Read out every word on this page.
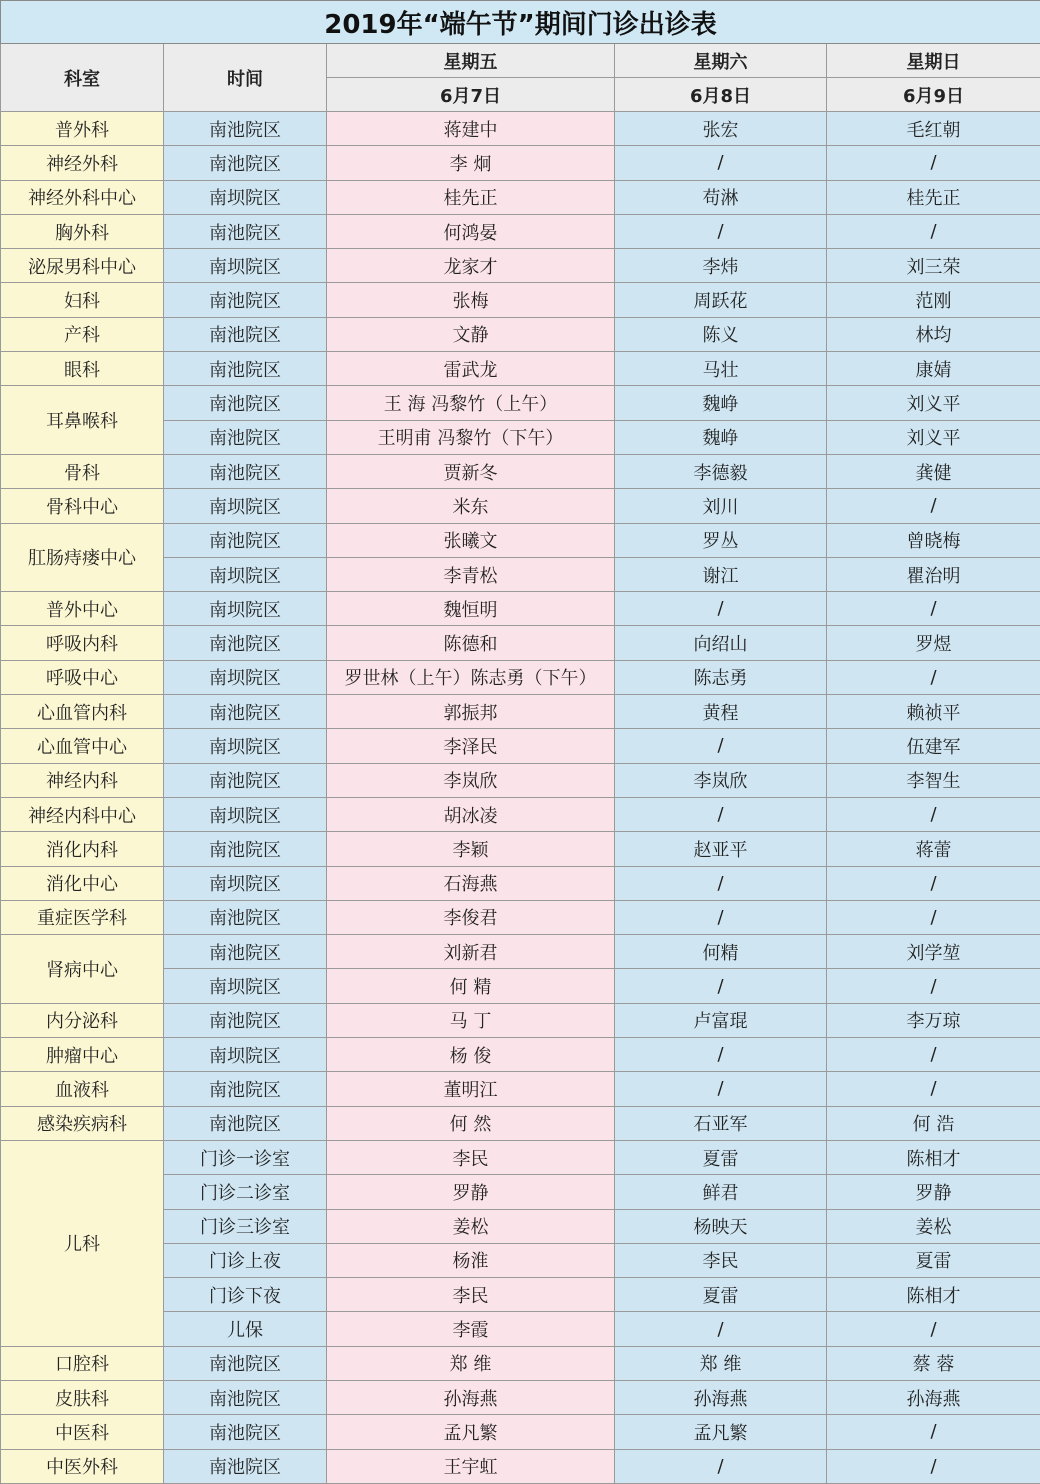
2019年“端午节”期间门诊出诊表				
科室	时间	星期五	星期六	星期日
		6月7日	6月8日	6月9日
普外科	南池院区	蒋建中	张宏	毛红朝
神经外科	南池院区	李 炯	/	/
神经外科中心	南坝院区	桂先正	苟淋	桂先正
胸外科	南池院区	何鸿晏	/	/
泌尿男科中心	南坝院区	龙家才	李炜	刘三荣
妇科	南池院区	张梅	周跃花	范刚
产科	南池院区	文静	陈义	林均
眼科	南池院区	雷武龙	马壮	康婧
耳鼻喉科	南池院区	王 海 冯黎竹（上午）	魏峥	刘义平
	南池院区	王明甫 冯黎竹（下午）	魏峥	刘义平
骨科	南池院区	贾新冬	李德毅	龚健
骨科中心	南坝院区	米东	刘川	/
肛肠痔瘘中心	南池院区	张曦文	罗丛	曾晓梅
	南坝院区	李青松	谢江	瞿治明
普外中心	南坝院区	魏恒明	/	/
呼吸内科	南池院区	陈德和	向绍山	罗煜
呼吸中心	南坝院区	罗世林（上午）陈志勇（下午）	陈志勇	/
心血管内科	南池院区	郭振邦	黄程	赖祯平
心血管中心	南坝院区	李泽民	/	伍建军
神经内科	南池院区	李岚欣	李岚欣	李智生
神经内科中心	南坝院区	胡冰凌	/	/
消化内科	南池院区	李颖	赵亚平	蒋蕾
消化中心	南坝院区	石海燕	/	/
重症医学科	南池院区	李俊君	/	/
肾病中心	南池院区	刘新君	何精	刘学堃
	南坝院区	何 精	/	/
内分泌科	南池院区	马 丁	卢富琨	李万琼
肿瘤中心	南坝院区	杨 俊	/	/
血液科	南池院区	董明江	/	/
感染疾病科	南池院区	何 然	石亚军	何 浩
儿科	门诊一诊室	李民	夏雷	陈相才
	门诊二诊室	罗静	鲜君	罗静
	门诊三诊室	姜松	杨映天	姜松
	门诊上夜	杨淮	李民	夏雷
	门诊下夜	李民	夏雷	陈相才
	儿保	李霞	/	/
口腔科	南池院区	郑 维	郑 维	蔡 蓉
皮肤科	南池院区	孙海燕	孙海燕	孙海燕
中医科	南池院区	孟凡繁	孟凡繁	/
中医外科	南池院区	王宇虹	/	/
